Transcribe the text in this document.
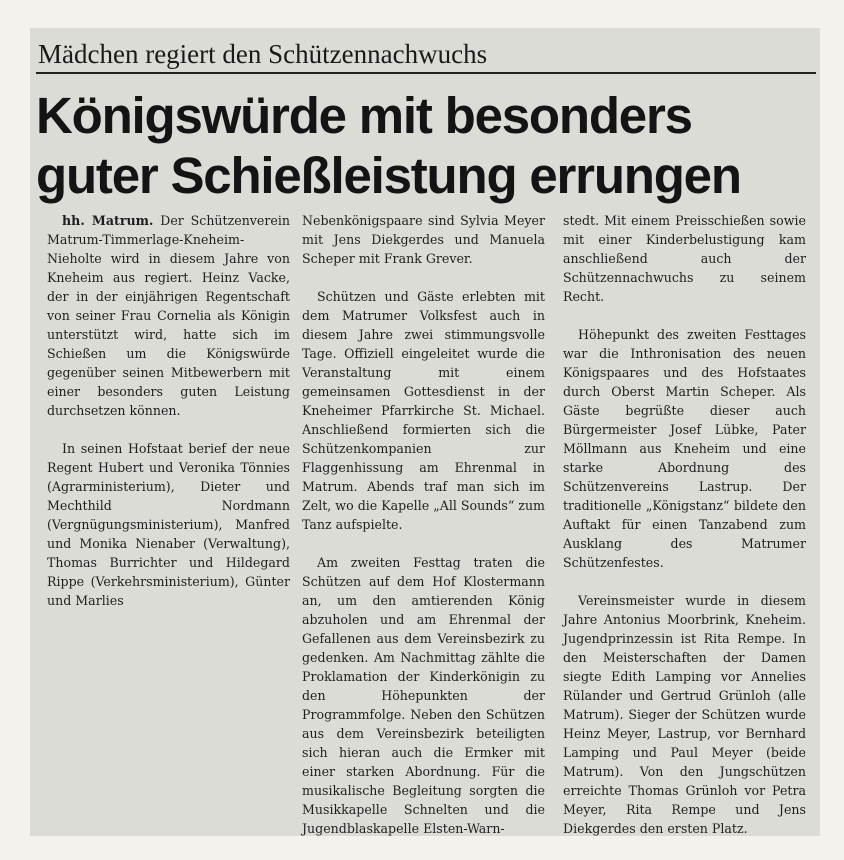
Mädchen regiert den Schützennachwuchs
Königswürde mit besonders
guter Schießleistung errungen

hh. Matrum. Der Schützenverein Matrum-Timmerlage-Kneheim-Nieholte wird in diesem Jahre von Kneheim aus regiert. Heinz Vacke, der in der einjährigen Regentschaft von seiner Frau Cornelia als Königin unterstützt wird, hatte sich im Schießen um die Königswürde gegenüber seinen Mitbewerbern mit einer besonders guten Leistung durchsetzen können.

In seinen Hofstaat berief der neue Regent Hubert und Veronika Tönnies (Agrarministerium), Dieter und Mechthild Nordmann (Vergnügungsministerium), Manfred und Monika Nienaber (Verwaltung), Thomas Burrichter und Hildegard Rippe (Verkehrsministerium), Günter und Marlies

Nebenkönigspaare sind Sylvia Meyer mit Jens Diekgerdes und Manuela Scheper mit Frank Grever.

Schützen und Gäste erlebten mit dem Matrumer Volksfest auch in diesem Jahre zwei stimmungsvolle Tage. Offiziell eingeleitet wurde die Veranstaltung mit einem gemeinsamen Gottesdienst in der Kneheimer Pfarrkirche St. Michael. Anschließend formierten sich die Schützenkompanien zur Flaggenhissung am Ehrenmal in Matrum. Abends traf man sich im Zelt, wo die Kapelle „All Sounds“ zum Tanz aufspielte.

Am zweiten Festtag traten die Schützen auf dem Hof Klostermann an, um den amtierenden König abzuholen und am Ehrenmal der Gefallenen aus dem Vereinsbezirk zu gedenken. Am Nachmittag zählte die Proklamation der Kinderkönigin zu den Höhepunkten der Programmfolge. Neben den Schützen aus dem Vereinsbezirk beteiligten sich hieran auch die Ermker mit einer starken Abordnung. Für die musikalische Begleitung sorgten die Musikkapelle Schnelten und die Jugendblaskapelle Elsten-Warn-

stedt. Mit einem Preisschießen sowie mit einer Kinderbelustigung kam anschließend auch der Schützennachwuchs zu seinem Recht.

Höhepunkt des zweiten Festtages war die Inthronisation des neuen Königspaares und des Hofstaates durch Oberst Martin Scheper. Als Gäste begrüßte dieser auch Bürgermeister Josef Lübke, Pater Möllmann aus Kneheim und eine starke Abordnung des Schützenvereins Lastrup. Der traditionelle „Königstanz“ bildete den Auftakt für einen Tanzabend zum Ausklang des Matrumer Schützenfestes.

Vereinsmeister wurde in diesem Jahre Antonius Moorbrink, Kneheim. Jugendprinzessin ist Rita Rempe. In den Meisterschaften der Damen siegte Edith Lamping vor Annelies Rülander und Gertrud Grünloh (alle Matrum). Sieger der Schützen wurde Heinz Meyer, Lastrup, vor Bernhard Lamping und Paul Meyer (beide Matrum). Von den Jungschützen erreichte Thomas Grünloh vor Petra Meyer, Rita Rempe und Jens Diekgerdes den ersten Platz.
